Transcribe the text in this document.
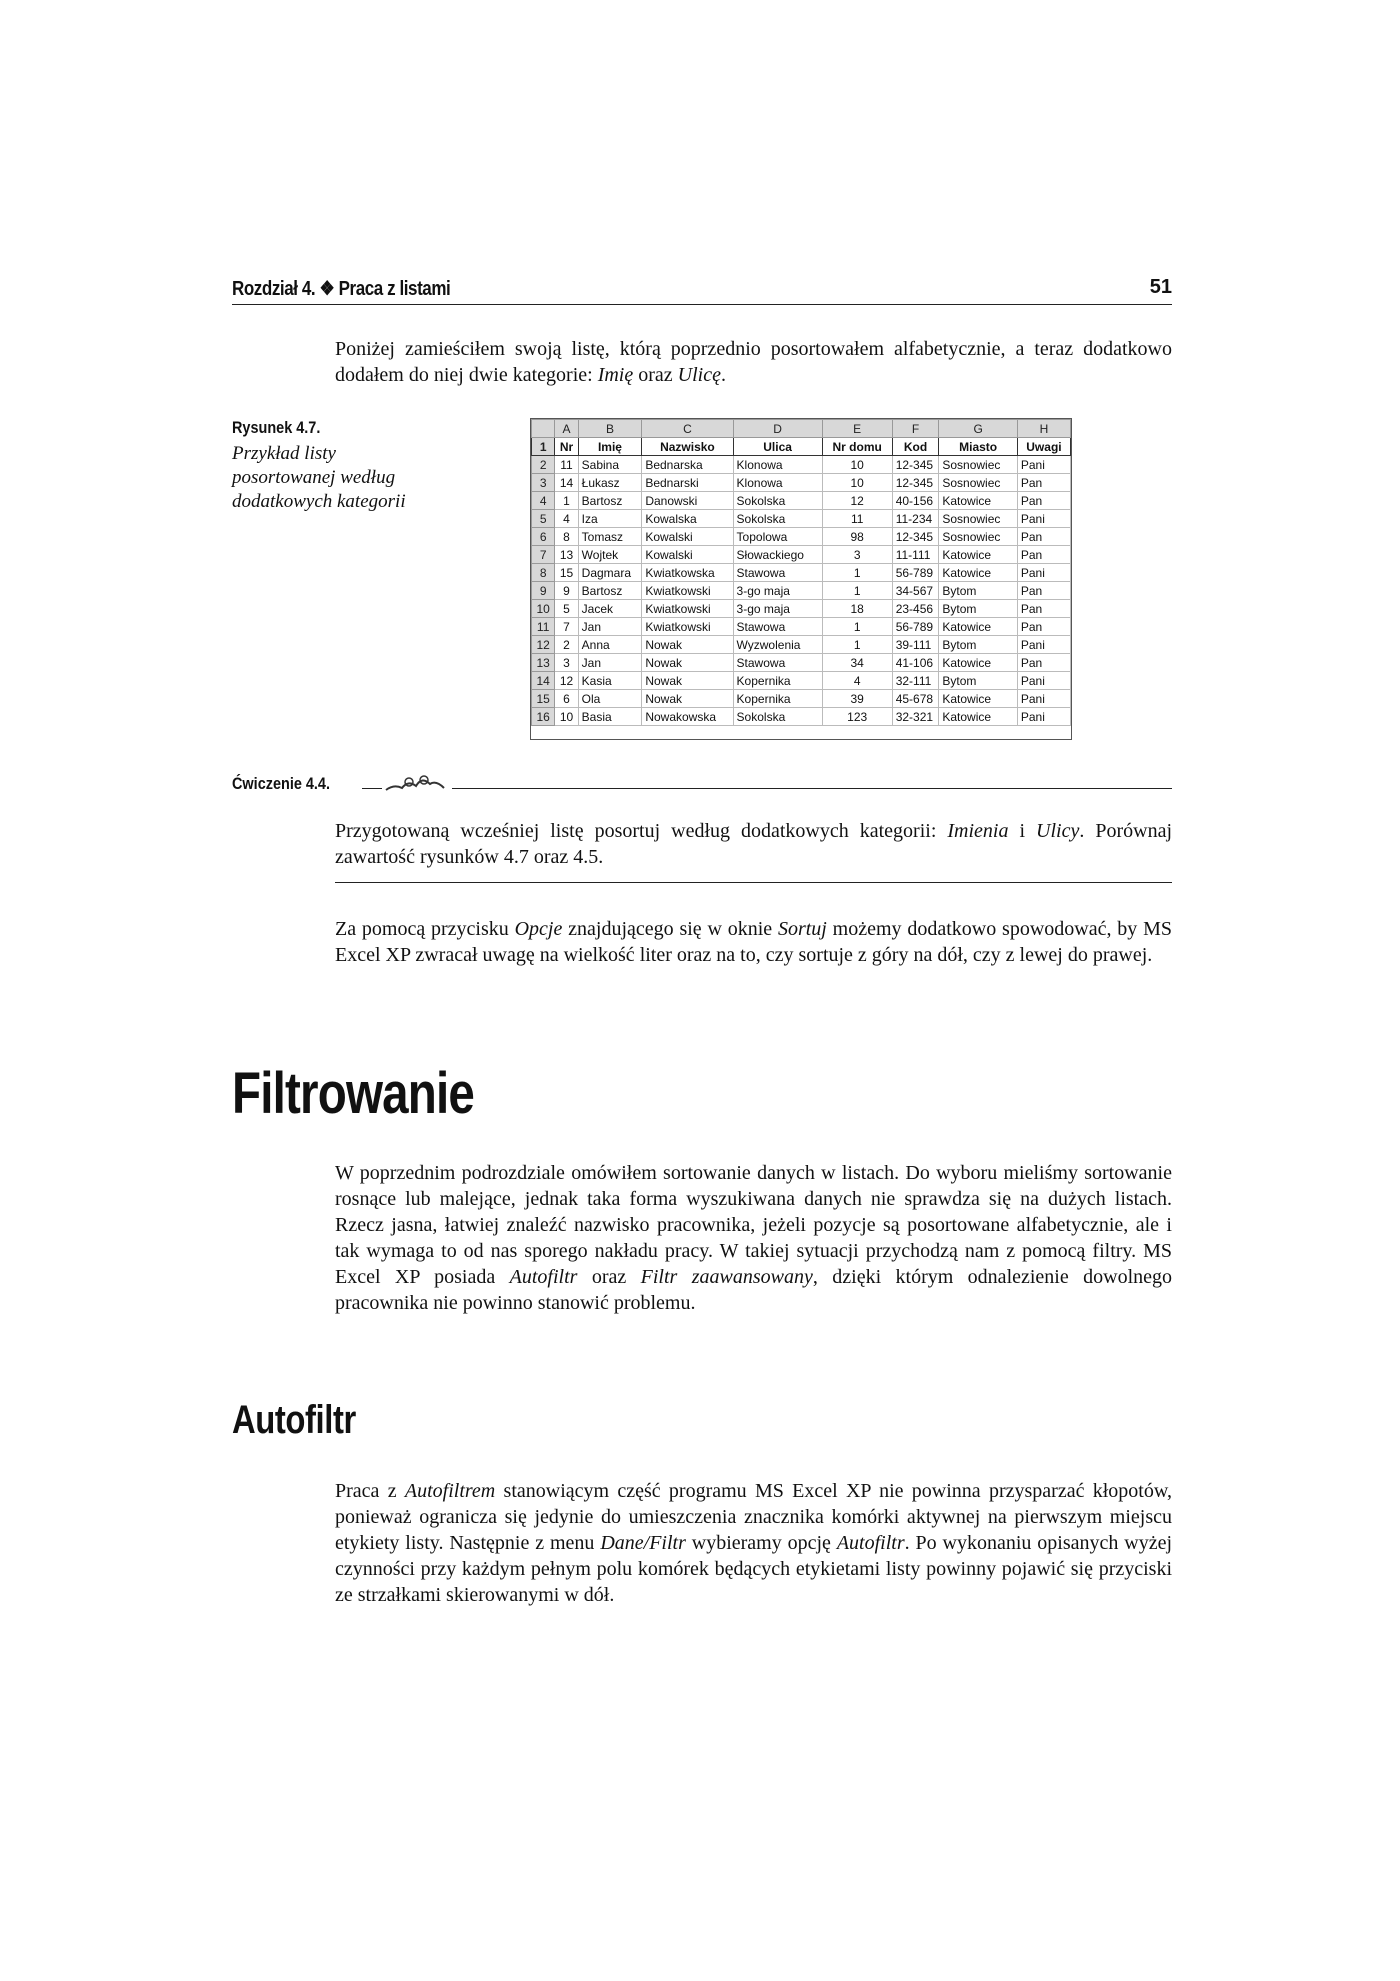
Rozdział 4. ❖ Praca z listami	51

Poniżej zamieściłem swoją listę, którą poprzednio posortowałem alfabetycznie, a teraz dodatkowo dodałem do niej dwie kategorie: Imię oraz Ulicę.

Rysunek 4.7.
Przykład listy posortowanej według dodatkowych kategorii
	A	B	C	D	E	F	G	H
1	Nr	Imię	Nazwisko	Ulica	Nr domu	Kod	Miasto	Uwagi
2	11	Sabina	Bednarska	Klonowa	10	12-345	Sosnowiec	Pani
3	14	Łukasz	Bednarski	Klonowa	10	12-345	Sosnowiec	Pan
4	1	Bartosz	Danowski	Sokolska	12	40-156	Katowice	Pan
5	4	Iza	Kowalska	Sokolska	11	11-234	Sosnowiec	Pani
6	8	Tomasz	Kowalski	Topolowa	98	12-345	Sosnowiec	Pan
7	13	Wojtek	Kowalski	Słowackiego	3	11-111	Katowice	Pan
8	15	Dagmara	Kwiatkowska	Stawowa	1	56-789	Katowice	Pani
9	9	Bartosz	Kwiatkowski	3-go maja	1	34-567	Bytom	Pan
10	5	Jacek	Kwiatkowski	3-go maja	18	23-456	Bytom	Pan
11	7	Jan	Kwiatkowski	Stawowa	1	56-789	Katowice	Pan
12	2	Anna	Nowak	Wyzwolenia	1	39-111	Bytom	Pani
13	3	Jan	Nowak	Stawowa	34	41-106	Katowice	Pan
14	12	Kasia	Nowak	Kopernika	4	32-111	Bytom	Pani
15	6	Ola	Nowak	Kopernika	39	45-678	Katowice	Pani
16	10	Basia	Nowakowska	Sokolska	123	32-321	Katowice	Pani
Ćwiczenie 4.4.

Przygotowaną wcześniej listę posortuj według dodatkowych kategorii: Imienia i Ulicy. Porównaj zawartość rysunków 4.7 oraz 4.5.

Za pomocą przycisku Opcje znajdującego się w oknie Sortuj możemy dodatkowo spowodować, by MS Excel XP zwracał uwagę na wielkość liter oraz na to, czy sortuje z góry na dół, czy z lewej do prawej.

Filtrowanie

W poprzednim podrozdziale omówiłem sortowanie danych w listach. Do wyboru mieliśmy sortowanie rosnące lub malejące, jednak taka forma wyszukiwana danych nie sprawdza się na dużych listach. Rzecz jasna, łatwiej znaleźć nazwisko pracownika, jeżeli pozycje są posortowane alfabetycznie, ale i tak wymaga to od nas sporego nakładu pracy. W takiej sytuacji przychodzą nam z pomocą filtry. MS Excel XP posiada Autofiltr oraz Filtr zaawansowany, dzięki którym odnalezienie dowolnego pracownika nie powinno stanowić problemu.

Autofiltr

Praca z Autofiltrem stanowiącym część programu MS Excel XP nie powinna przysparzać kłopotów, ponieważ ogranicza się jedynie do umieszczenia znacznika komórki aktywnej na pierwszym miejscu etykiety listy. Następnie z menu Dane/Filtr wybieramy opcję Autofiltr. Po wykonaniu opisanych wyżej czynności przy każdym pełnym polu komórek będących etykietami listy powinny pojawić się przyciski ze strzałkami skierowanymi w dół.
